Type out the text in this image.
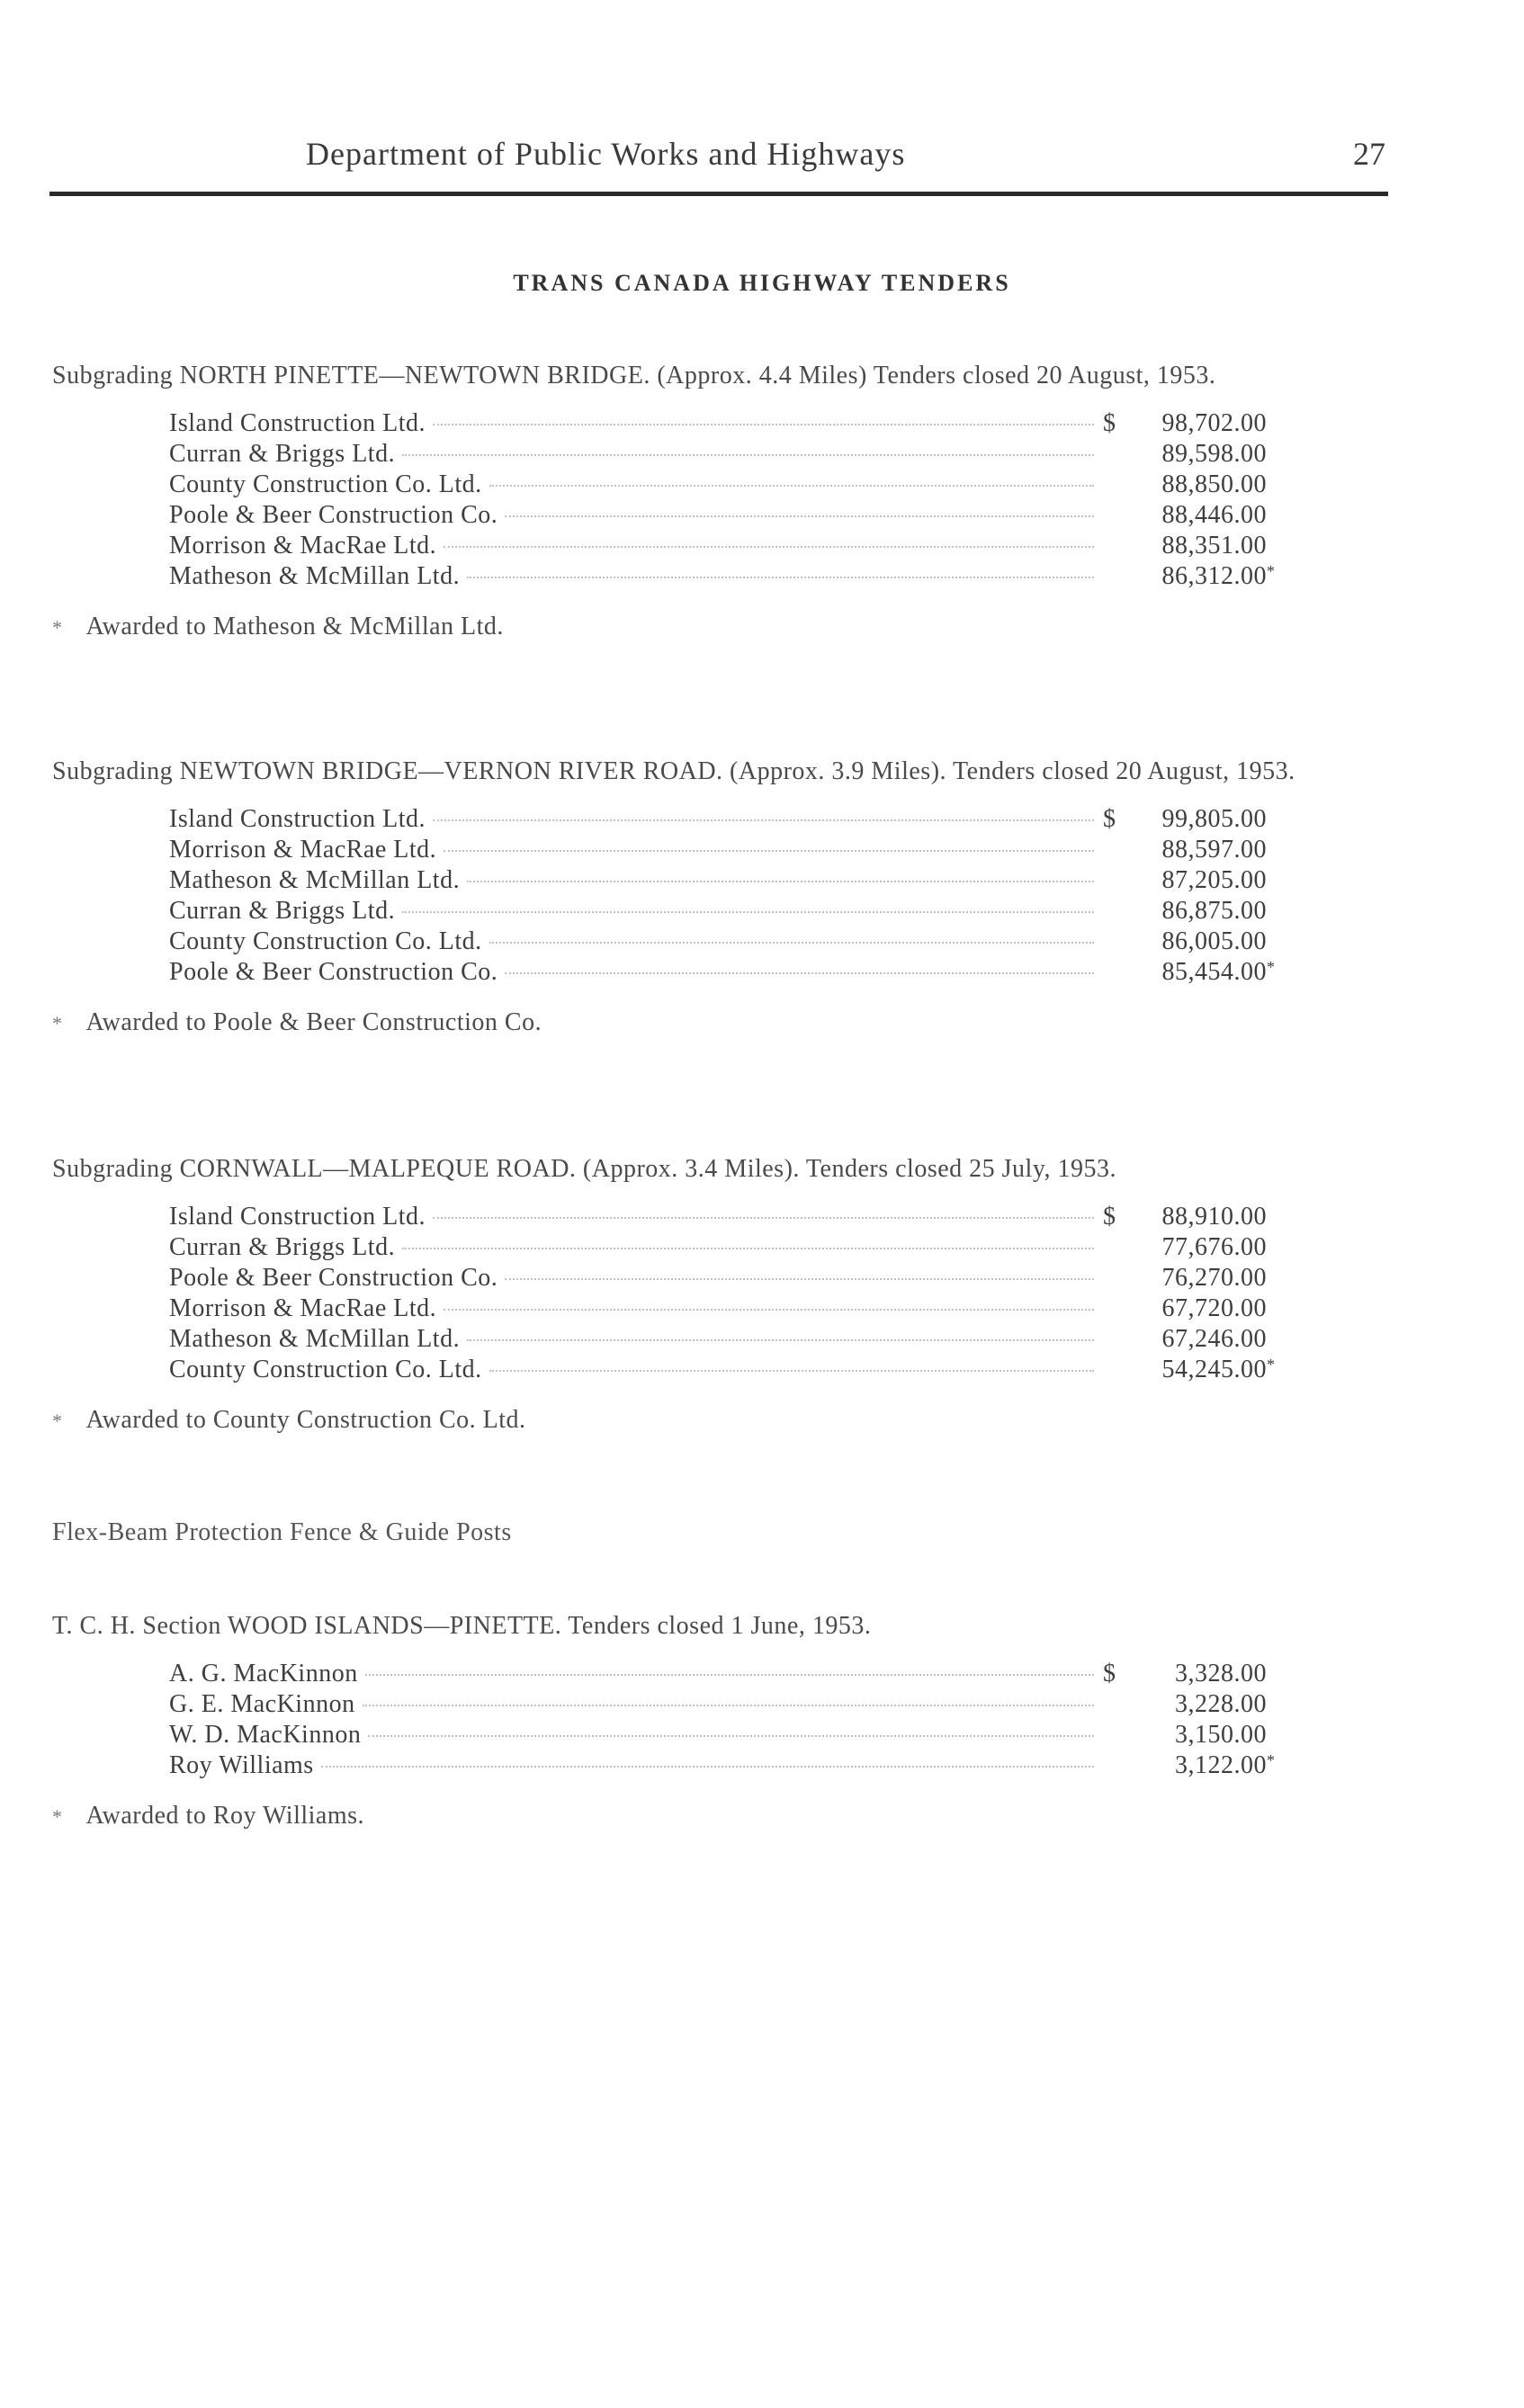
Department of Public Works and Highways	27
TRANS CANADA HIGHWAY TENDERS
Subgrading NORTH PINETTE—NEWTOWN BRIDGE. (Approx. 4.4 Miles) Tenders closed 20 August, 1953.
Island Construction Ltd.	$	98,702.00
Curran & Briggs Ltd.	89,598.00
County Construction Co. Ltd.	88,850.00
Poole & Beer Construction Co.	88,446.00
Morrison & MacRae Ltd.	88,351.00
Matheson & McMillan Ltd.	86,312.00 *
* Awarded to Matheson & McMillan Ltd.
Subgrading NEWTOWN BRIDGE—VERNON RIVER ROAD. (Approx. 3.9 Miles). Tenders closed 20 August, 1953.
Island Construction Ltd.	$	99,805.00
Morrison & MacRae Ltd.	88,597.00
Matheson & McMillan Ltd.	87,205.00
Curran & Briggs Ltd.	86,875.00
County Construction Co. Ltd.	86,005.00
Poole & Beer Construction Co.	85,454.00 *
* Awarded to Poole & Beer Construction Co.
Subgrading CORNWALL—MALPEQUE ROAD. (Approx. 3.4 Miles). Tenders closed 25 July, 1953.
Island Construction Ltd.	$	88,910.00
Curran & Briggs Ltd.	77,676.00
Poole & Beer Construction Co.	76,270.00
Morrison & MacRae Ltd.	67,720.00
Matheson & McMillan Ltd.	67,246.00
County Construction Co. Ltd.	54,245.00 *
* Awarded to County Construction Co. Ltd.
Flex-Beam Protection Fence & Guide Posts
T. C. H. Section WOOD ISLANDS—PINETTE. Tenders closed 1 June, 1953.
A. G. MacKinnon	$	3,328.00
G. E. MacKinnon	3,228.00
W. D. MacKinnon	3,150.00
Roy Williams	3,122.00 *
* Awarded to Roy Williams.
